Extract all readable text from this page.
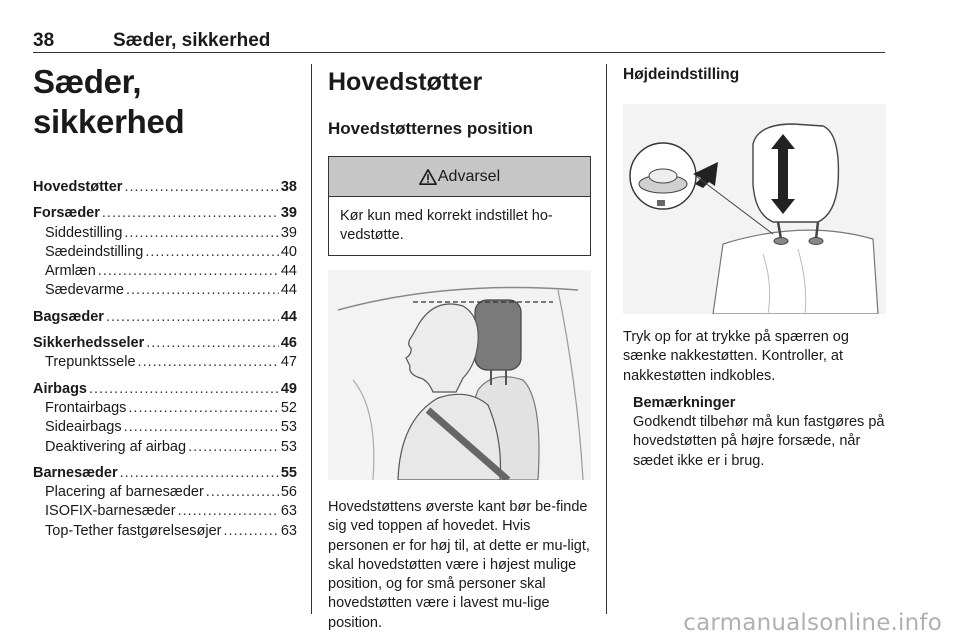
38	Sæder, sikkerhed
Sæder, sikkerhed
Hovedstøtter .....	38
Forsæder .....	39
Siddestilling .....	39
Sædeindstilling .....	40
Armlæn .....	44
Sædevarme .....	44
Bagsæder .....	44
Sikkerhedsseler .....	46
Trepunktssele .....	47
Airbags .....	49
Frontairbags .....	52
Sideairbags .....	53
Deaktivering af airbag .....	53
Barnesæder .....	55
Placering af barnesæder .....	56
ISOFIX-barnesæder .....	63
Top-Tether fastgørelsesøjer .....	63
Hovedstøtter
Hovedstøtternes position
Advarsel
Kør kun med korrekt indstillet ho-vedstøtte.

Hovedstøttens øverste kant bør be-finde sig ved toppen af hovedet. Hvis personen er for høj til, at dette er mu-ligt, skal hovedstøtten være i højest mulige position, og for små personer skal hovedstøtten være i lavest mu-lige position.

Højdeindstilling

Tryk op for at trykke på spærren og sænke nakkestøtten. Kontroller, at nakkestøtten indkobles.

Bemærkninger
Godkendt tilbehør må kun fastgøres på hovedstøtten på højre forsæde, når sædet ikke er i brug.
carmanualsonline.info
